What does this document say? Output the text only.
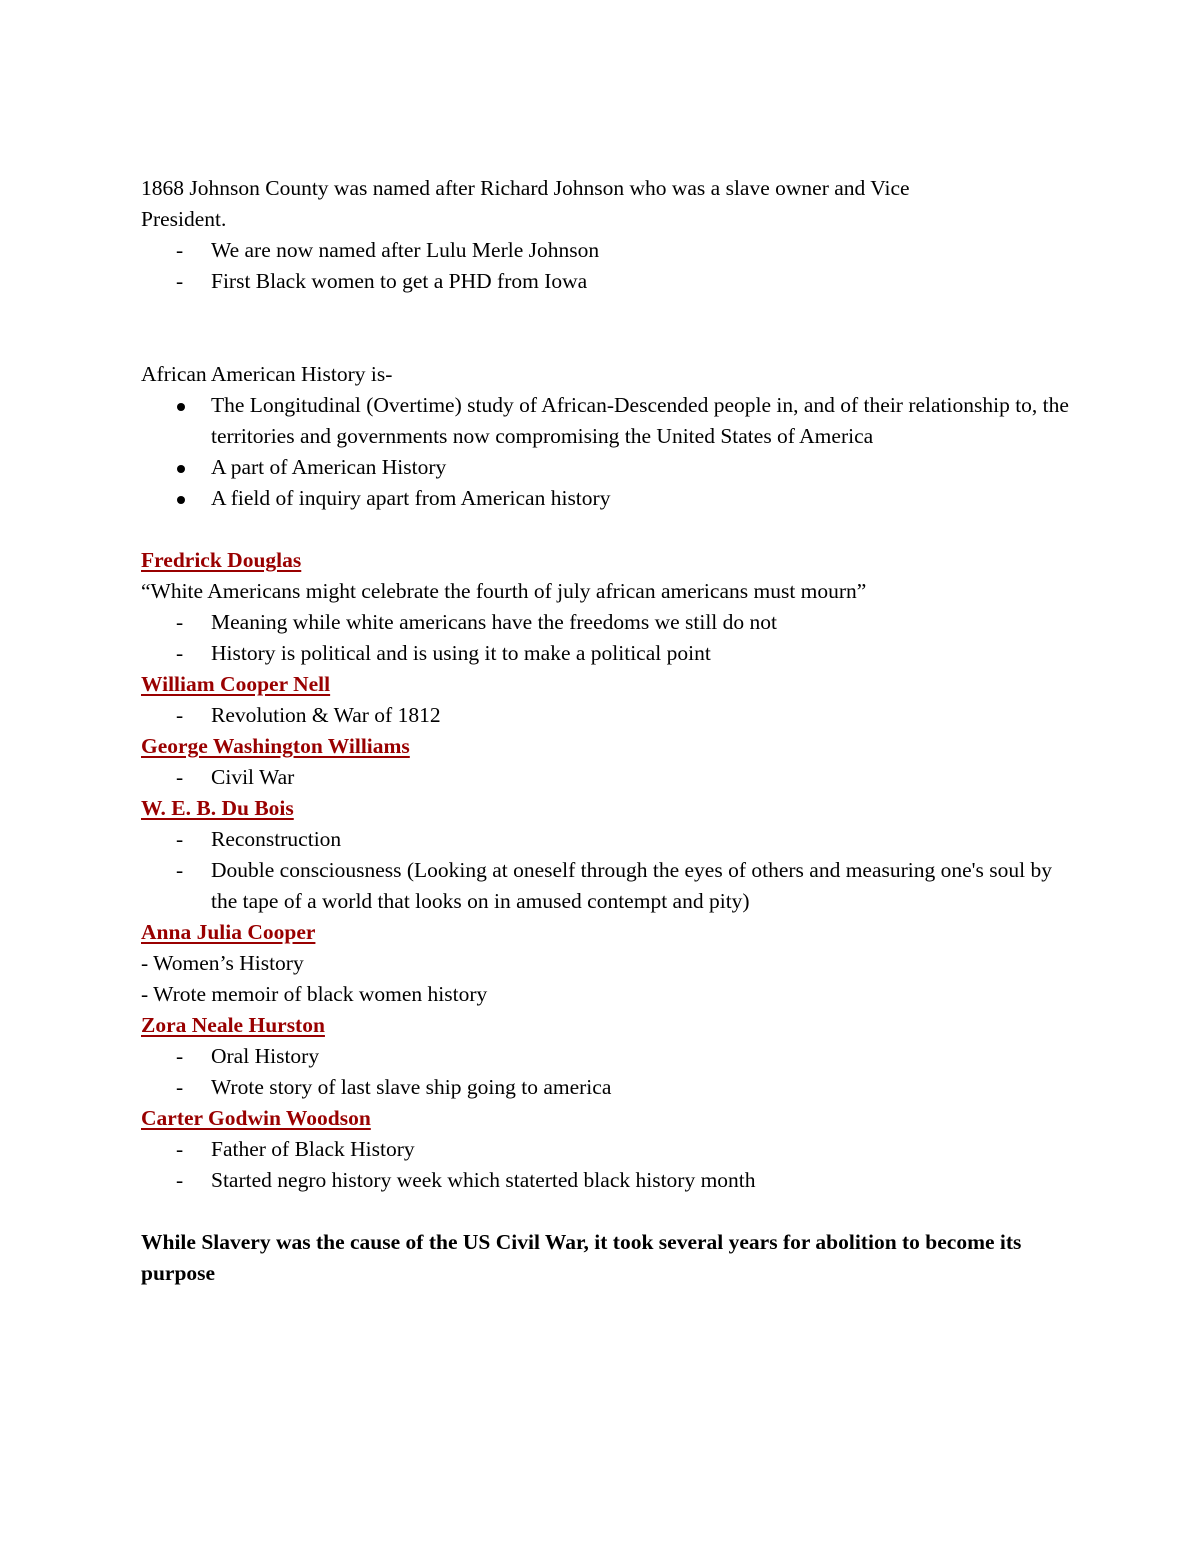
1868 Johnson County was named after Richard Johnson who was a slave owner and Vice
President.
- We are now named after Lulu Merle Johnson
- First Black women to get a PHD from Iowa
African American History is-
The Longitudinal (Overtime) study of African-Descended people in, and of their relationship to, the territories and governments now compromising the United States of America
A part of American History
A field of inquiry apart from American history
Fredrick Douglas
“White Americans might celebrate the fourth of july african americans must mourn”
- Meaning while white americans have the freedoms we still do not
- History is political and is using it to make a political point
William Cooper Nell
- Revolution & War of 1812
George Washington Williams
- Civil War
W. E. B. Du Bois
- Reconstruction
- Double consciousness (Looking at oneself through the eyes of others and measuring one's soul by the tape of a world that looks on in amused contempt and pity)
Anna Julia Cooper
- Women’s History
- Wrote memoir of black women history
Zora Neale Hurston
- Oral History
- Wrote story of last slave ship going to america
Carter Godwin Woodson
- Father of Black History
- Started negro history week which staterted black history month
While Slavery was the cause of the US Civil War, it took several years for abolition to become its purpose
